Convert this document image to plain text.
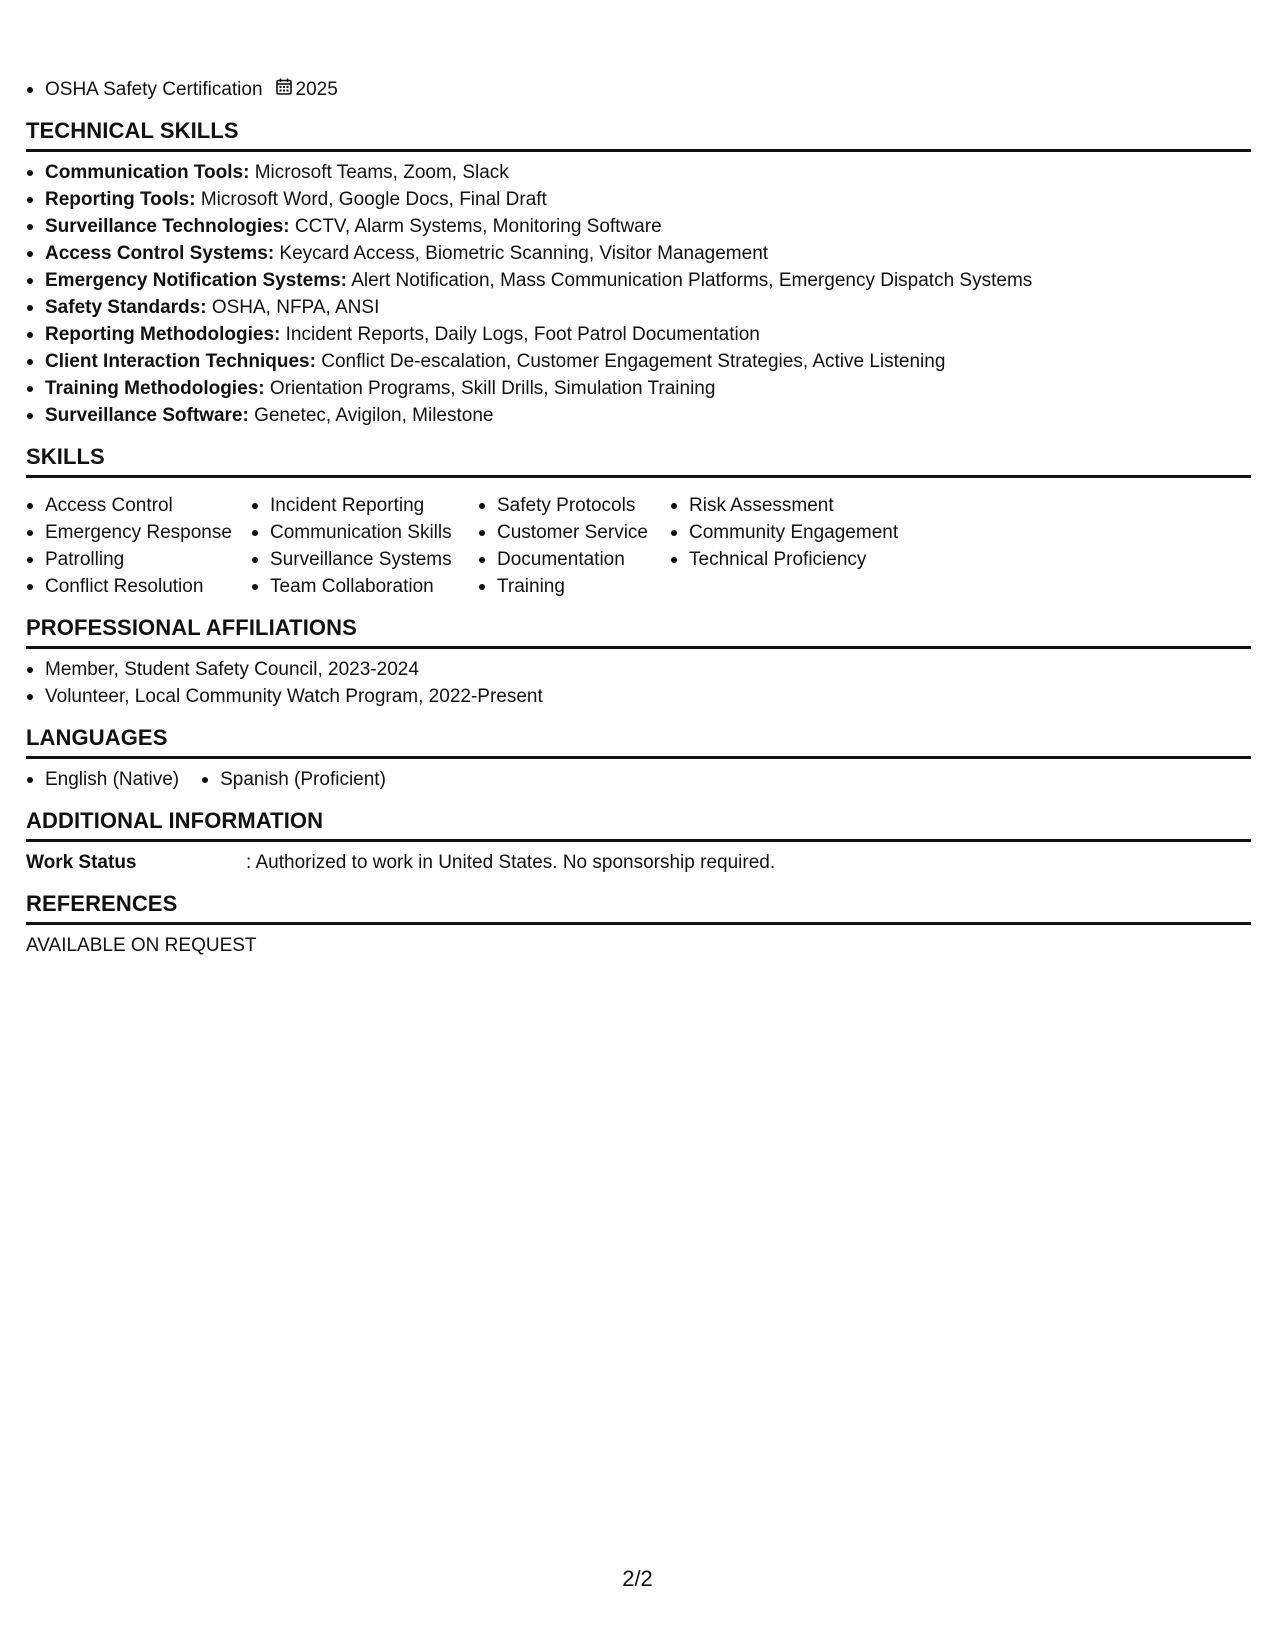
OSHA Safety Certification 2025
TECHNICAL SKILLS
Communication Tools: Microsoft Teams, Zoom, Slack
Reporting Tools: Microsoft Word, Google Docs, Final Draft
Surveillance Technologies: CCTV, Alarm Systems, Monitoring Software
Access Control Systems: Keycard Access, Biometric Scanning, Visitor Management
Emergency Notification Systems: Alert Notification, Mass Communication Platforms, Emergency Dispatch Systems
Safety Standards: OSHA, NFPA, ANSI
Reporting Methodologies: Incident Reports, Daily Logs, Foot Patrol Documentation
Client Interaction Techniques: Conflict De-escalation, Customer Engagement Strategies, Active Listening
Training Methodologies: Orientation Programs, Skill Drills, Simulation Training
Surveillance Software: Genetec, Avigilon, Milestone
SKILLS
Access Control
Emergency Response
Patrolling
Conflict Resolution
Incident Reporting
Communication Skills
Surveillance Systems
Team Collaboration
Safety Protocols
Customer Service
Documentation
Training
Risk Assessment
Community Engagement
Technical Proficiency
PROFESSIONAL AFFILIATIONS
Member, Student Safety Council, 2023-2024
Volunteer, Local Community Watch Program, 2022-Present
LANGUAGES
English (Native)	Spanish (Proficient)
ADDITIONAL INFORMATION
Work Status	: Authorized to work in United States. No sponsorship required.
REFERENCES
AVAILABLE ON REQUEST
2/2
